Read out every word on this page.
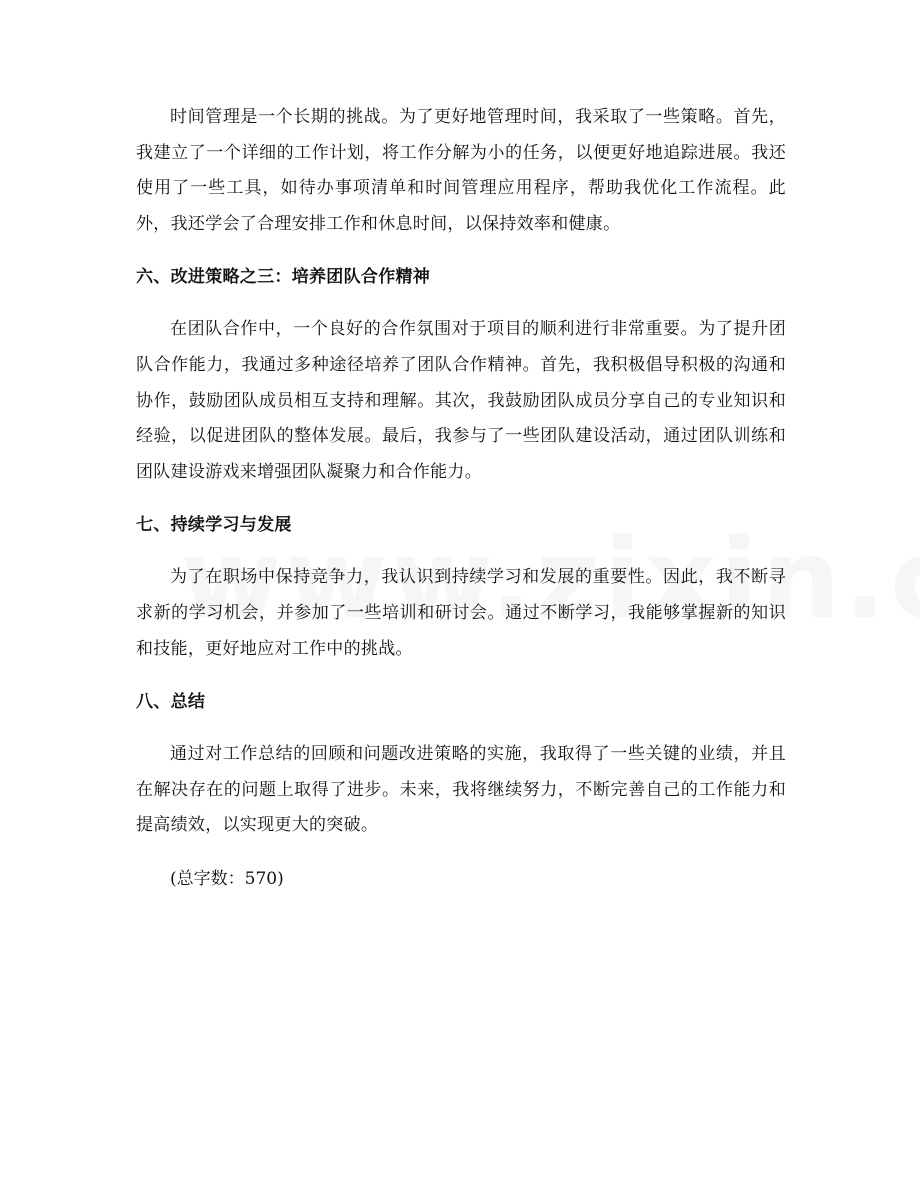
时间管理是一个长期的挑战。为了更好地管理时间，我采取了一些策略。首先，我建立了一个详细的工作计划，将工作分解为小的任务，以便更好地追踪进展。我还使用了一些工具，如待办事项清单和时间管理应用程序，帮助我优化工作流程。此外，我还学会了合理安排工作和休息时间，以保持效率和健康。

六、改进策略之三：培养团队合作精神

在团队合作中，一个良好的合作氛围对于项目的顺利进行非常重要。为了提升团队合作能力，我通过多种途径培养了团队合作精神。首先，我积极倡导积极的沟通和协作，鼓励团队成员相互支持和理解。其次，我鼓励团队成员分享自己的专业知识和经验，以促进团队的整体发展。最后，我参与了一些团队建设活动，通过团队训练和团队建设游戏来增强团队凝聚力和合作能力。

七、持续学习与发展

为了在职场中保持竞争力，我认识到持续学习和发展的重要性。因此，我不断寻求新的学习机会，并参加了一些培训和研讨会。通过不断学习，我能够掌握新的知识和技能，更好地应对工作中的挑战。

八、总结

通过对工作总结的回顾和问题改进策略的实施，我取得了一些关键的业绩，并且在解决存在的问题上取得了进步。未来，我将继续努力，不断完善自己的工作能力和提高绩效，以实现更大的突破。

(总字数：570)
